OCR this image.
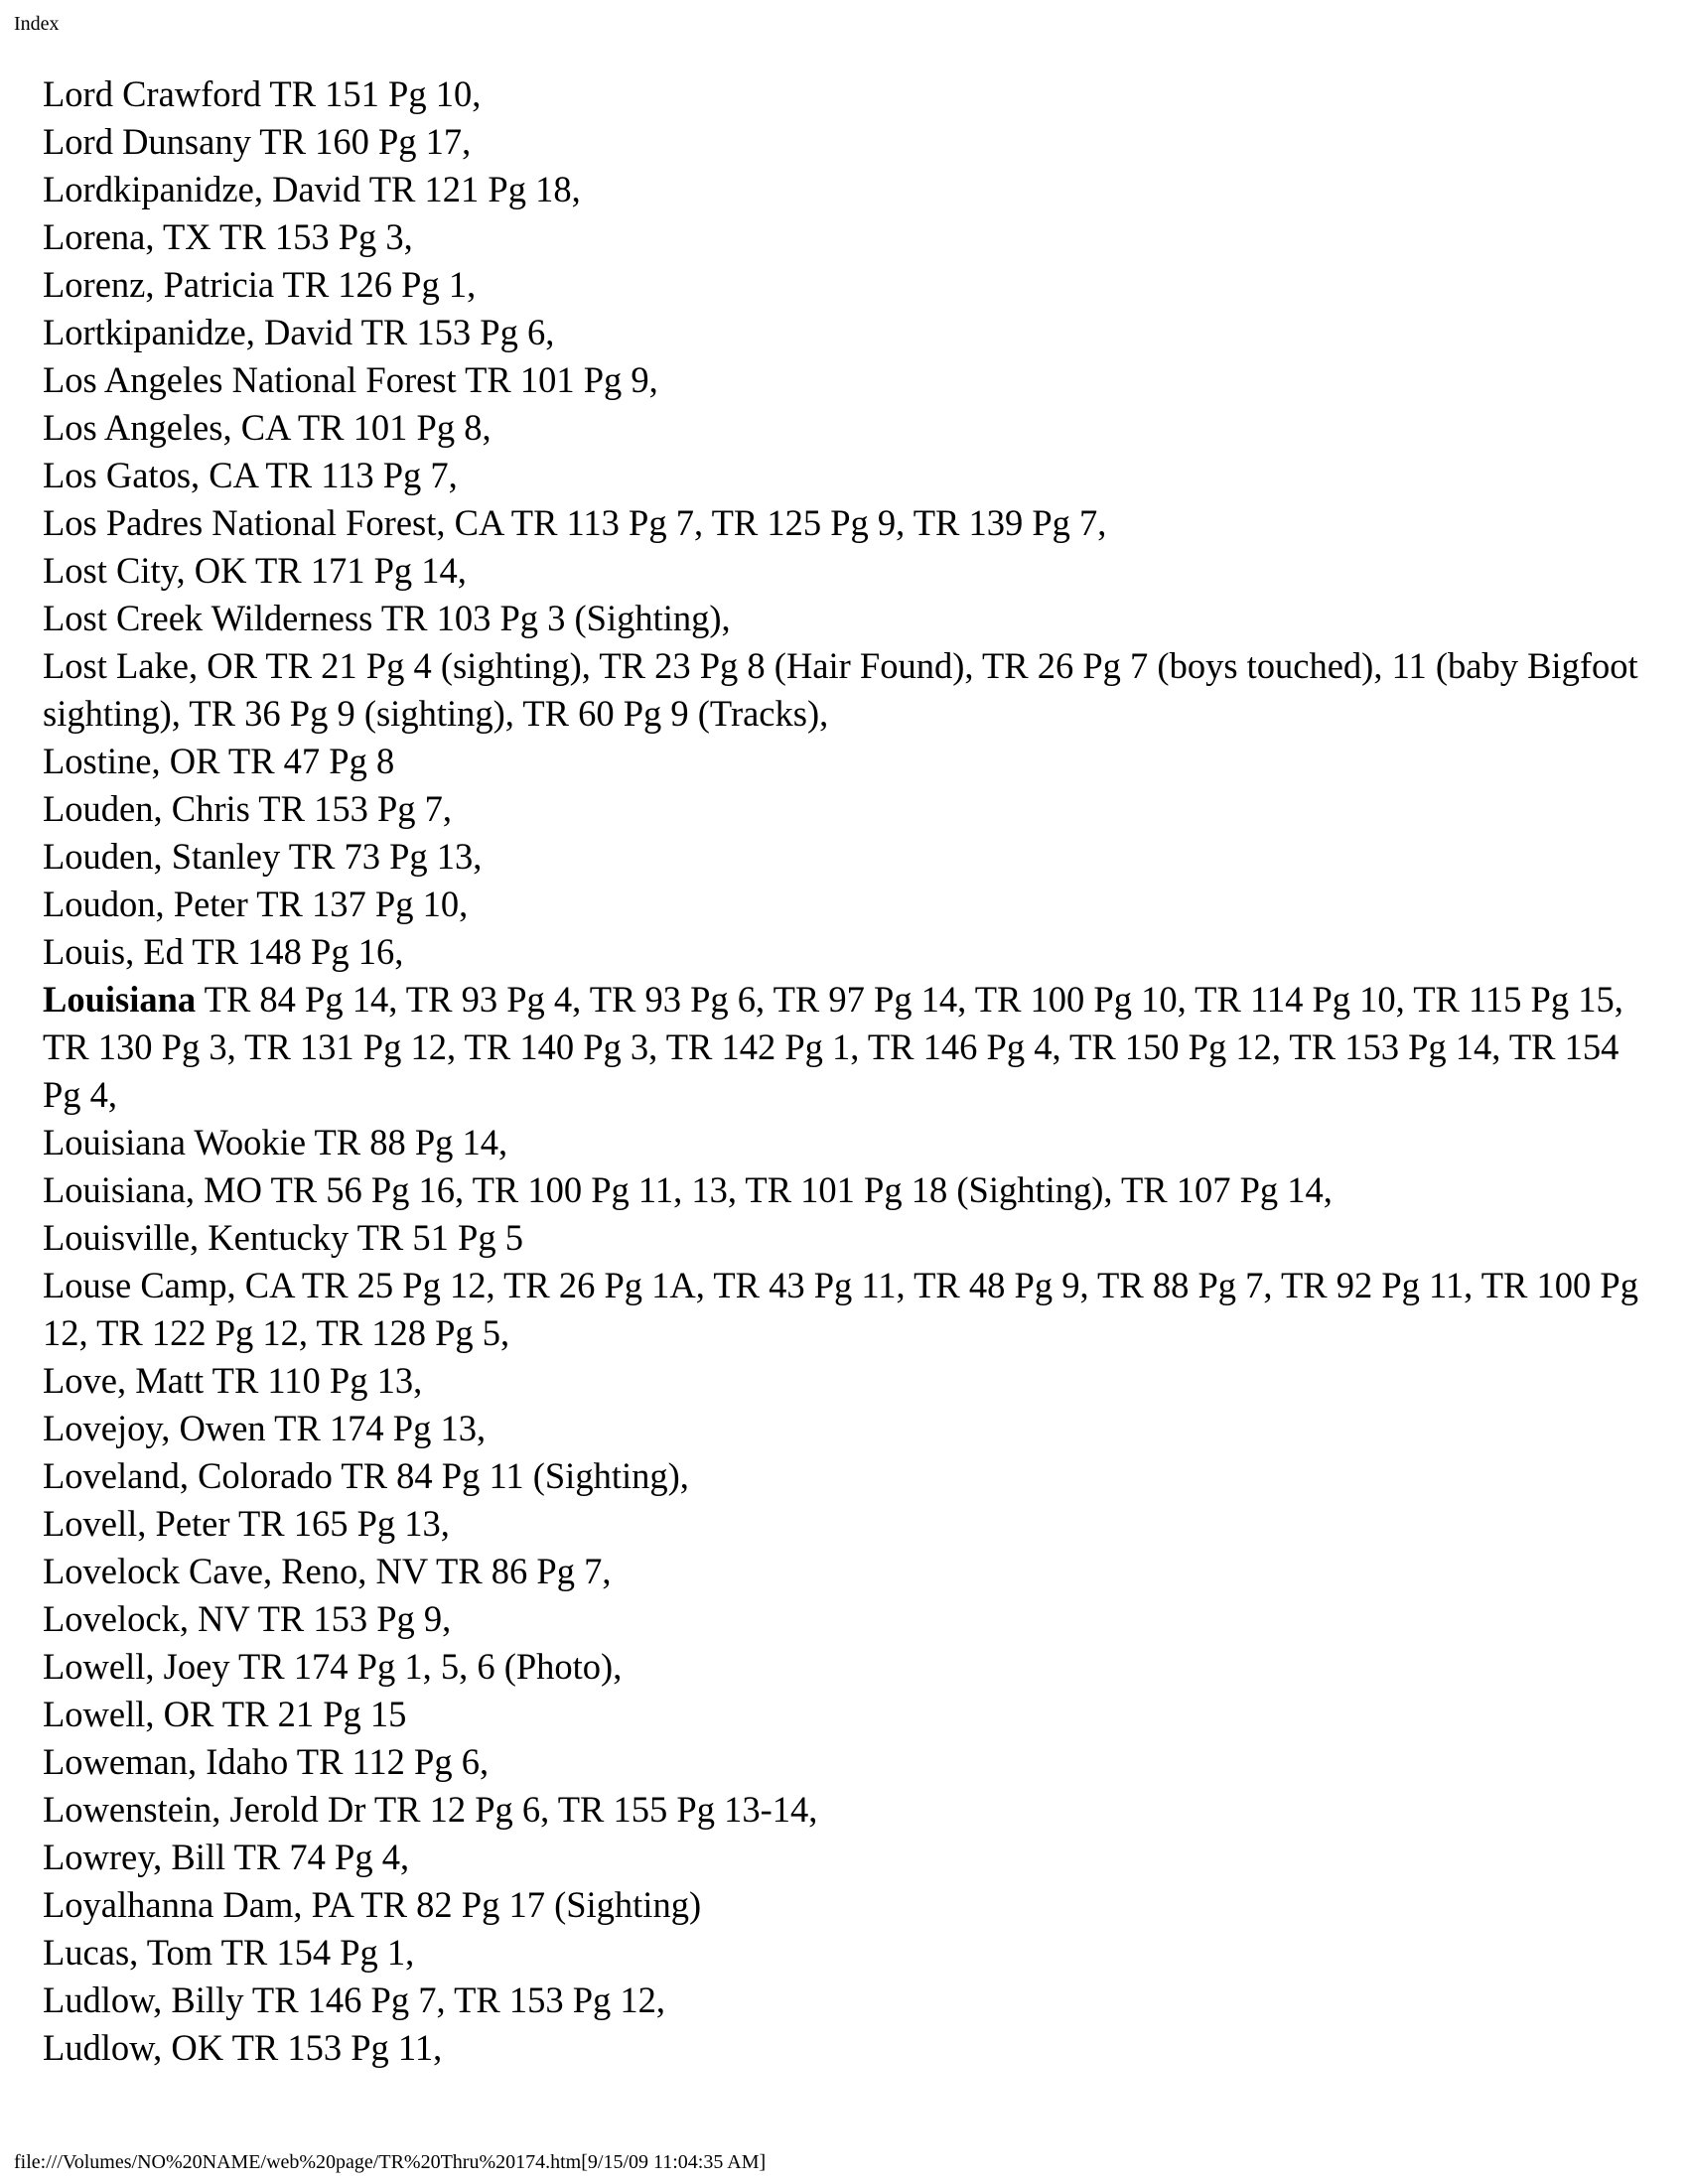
Index
Lord Crawford TR 151 Pg 10,
Lord Dunsany TR 160 Pg 17,
Lordkipanidze, David TR 121 Pg 18,
Lorena, TX TR 153 Pg 3,
Lorenz, Patricia TR 126 Pg 1,
Lortkipanidze, David TR 153 Pg 6,
Los Angeles National Forest TR 101 Pg 9,
Los Angeles, CA TR 101 Pg 8,
Los Gatos, CA TR 113 Pg 7,
Los Padres National Forest, CA TR 113 Pg 7, TR 125 Pg 9, TR 139 Pg 7,
Lost City, OK TR 171 Pg 14,
Lost Creek Wilderness TR 103 Pg 3 (Sighting),
Lost Lake, OR TR 21 Pg 4 (sighting), TR 23 Pg 8 (Hair Found), TR 26 Pg 7 (boys touched), 11 (baby Bigfoot sighting), TR 36 Pg 9 (sighting), TR 60 Pg 9 (Tracks),
Lostine, OR TR 47 Pg 8
Louden, Chris TR 153 Pg 7,
Louden, Stanley TR 73 Pg 13,
Loudon, Peter TR 137 Pg 10,
Louis, Ed TR 148 Pg 16,
Louisiana TR 84 Pg 14, TR 93 Pg 4, TR 93 Pg 6, TR 97 Pg 14, TR 100 Pg 10, TR 114 Pg 10, TR 115 Pg 15, TR 130 Pg 3, TR 131 Pg 12, TR 140 Pg 3, TR 142 Pg 1, TR 146 Pg 4, TR 150 Pg 12, TR 153 Pg 14, TR 154 Pg 4,
Louisiana Wookie TR 88 Pg 14,
Louisiana, MO TR 56 Pg 16, TR 100 Pg 11, 13, TR 101 Pg 18 (Sighting), TR 107 Pg 14,
Louisville, Kentucky TR 51 Pg 5
Louse Camp, CA TR 25 Pg 12, TR 26 Pg 1A, TR 43 Pg 11, TR 48 Pg 9, TR 88 Pg 7, TR 92 Pg 11, TR 100 Pg 12, TR 122 Pg 12, TR 128 Pg 5,
Love, Matt TR 110 Pg 13,
Lovejoy, Owen TR 174 Pg 13,
Loveland, Colorado TR 84 Pg 11 (Sighting),
Lovell, Peter TR 165 Pg 13,
Lovelock Cave, Reno, NV TR 86 Pg 7,
Lovelock, NV TR 153 Pg 9,
Lowell, Joey TR 174 Pg 1, 5, 6 (Photo),
Lowell, OR TR 21 Pg 15
Loweman, Idaho TR 112 Pg 6,
Lowenstein, Jerold Dr TR 12 Pg 6, TR 155 Pg 13-14,
Lowrey, Bill TR 74 Pg 4,
Loyalhanna Dam, PA TR 82 Pg 17 (Sighting)
Lucas, Tom TR 154 Pg 1,
Ludlow, Billy TR 146 Pg 7, TR 153 Pg 12,
Ludlow, OK TR 153 Pg 11,
file:///Volumes/NO%20NAME/web%20page/TR%20Thru%20174.htm[9/15/09 11:04:35 AM]
